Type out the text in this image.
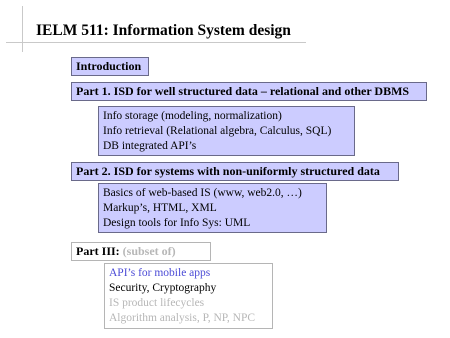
IELM 511: Information System design
Introduction
Part 1. ISD for well structured data – relational and other DBMS
Info storage (modeling, normalization)
Info retrieval (Relational algebra, Calculus, SQL)
DB integrated API’s
Part 2. ISD for systems with non-uniformly structured data
Basics of web-based IS (www, web2.0, …)
Markup’s, HTML, XML
Design tools for Info Sys: UML
Part III: (subset of)
API’s for mobile apps
Security, Cryptography
IS product lifecycles
Algorithm analysis, P, NP, NPC
